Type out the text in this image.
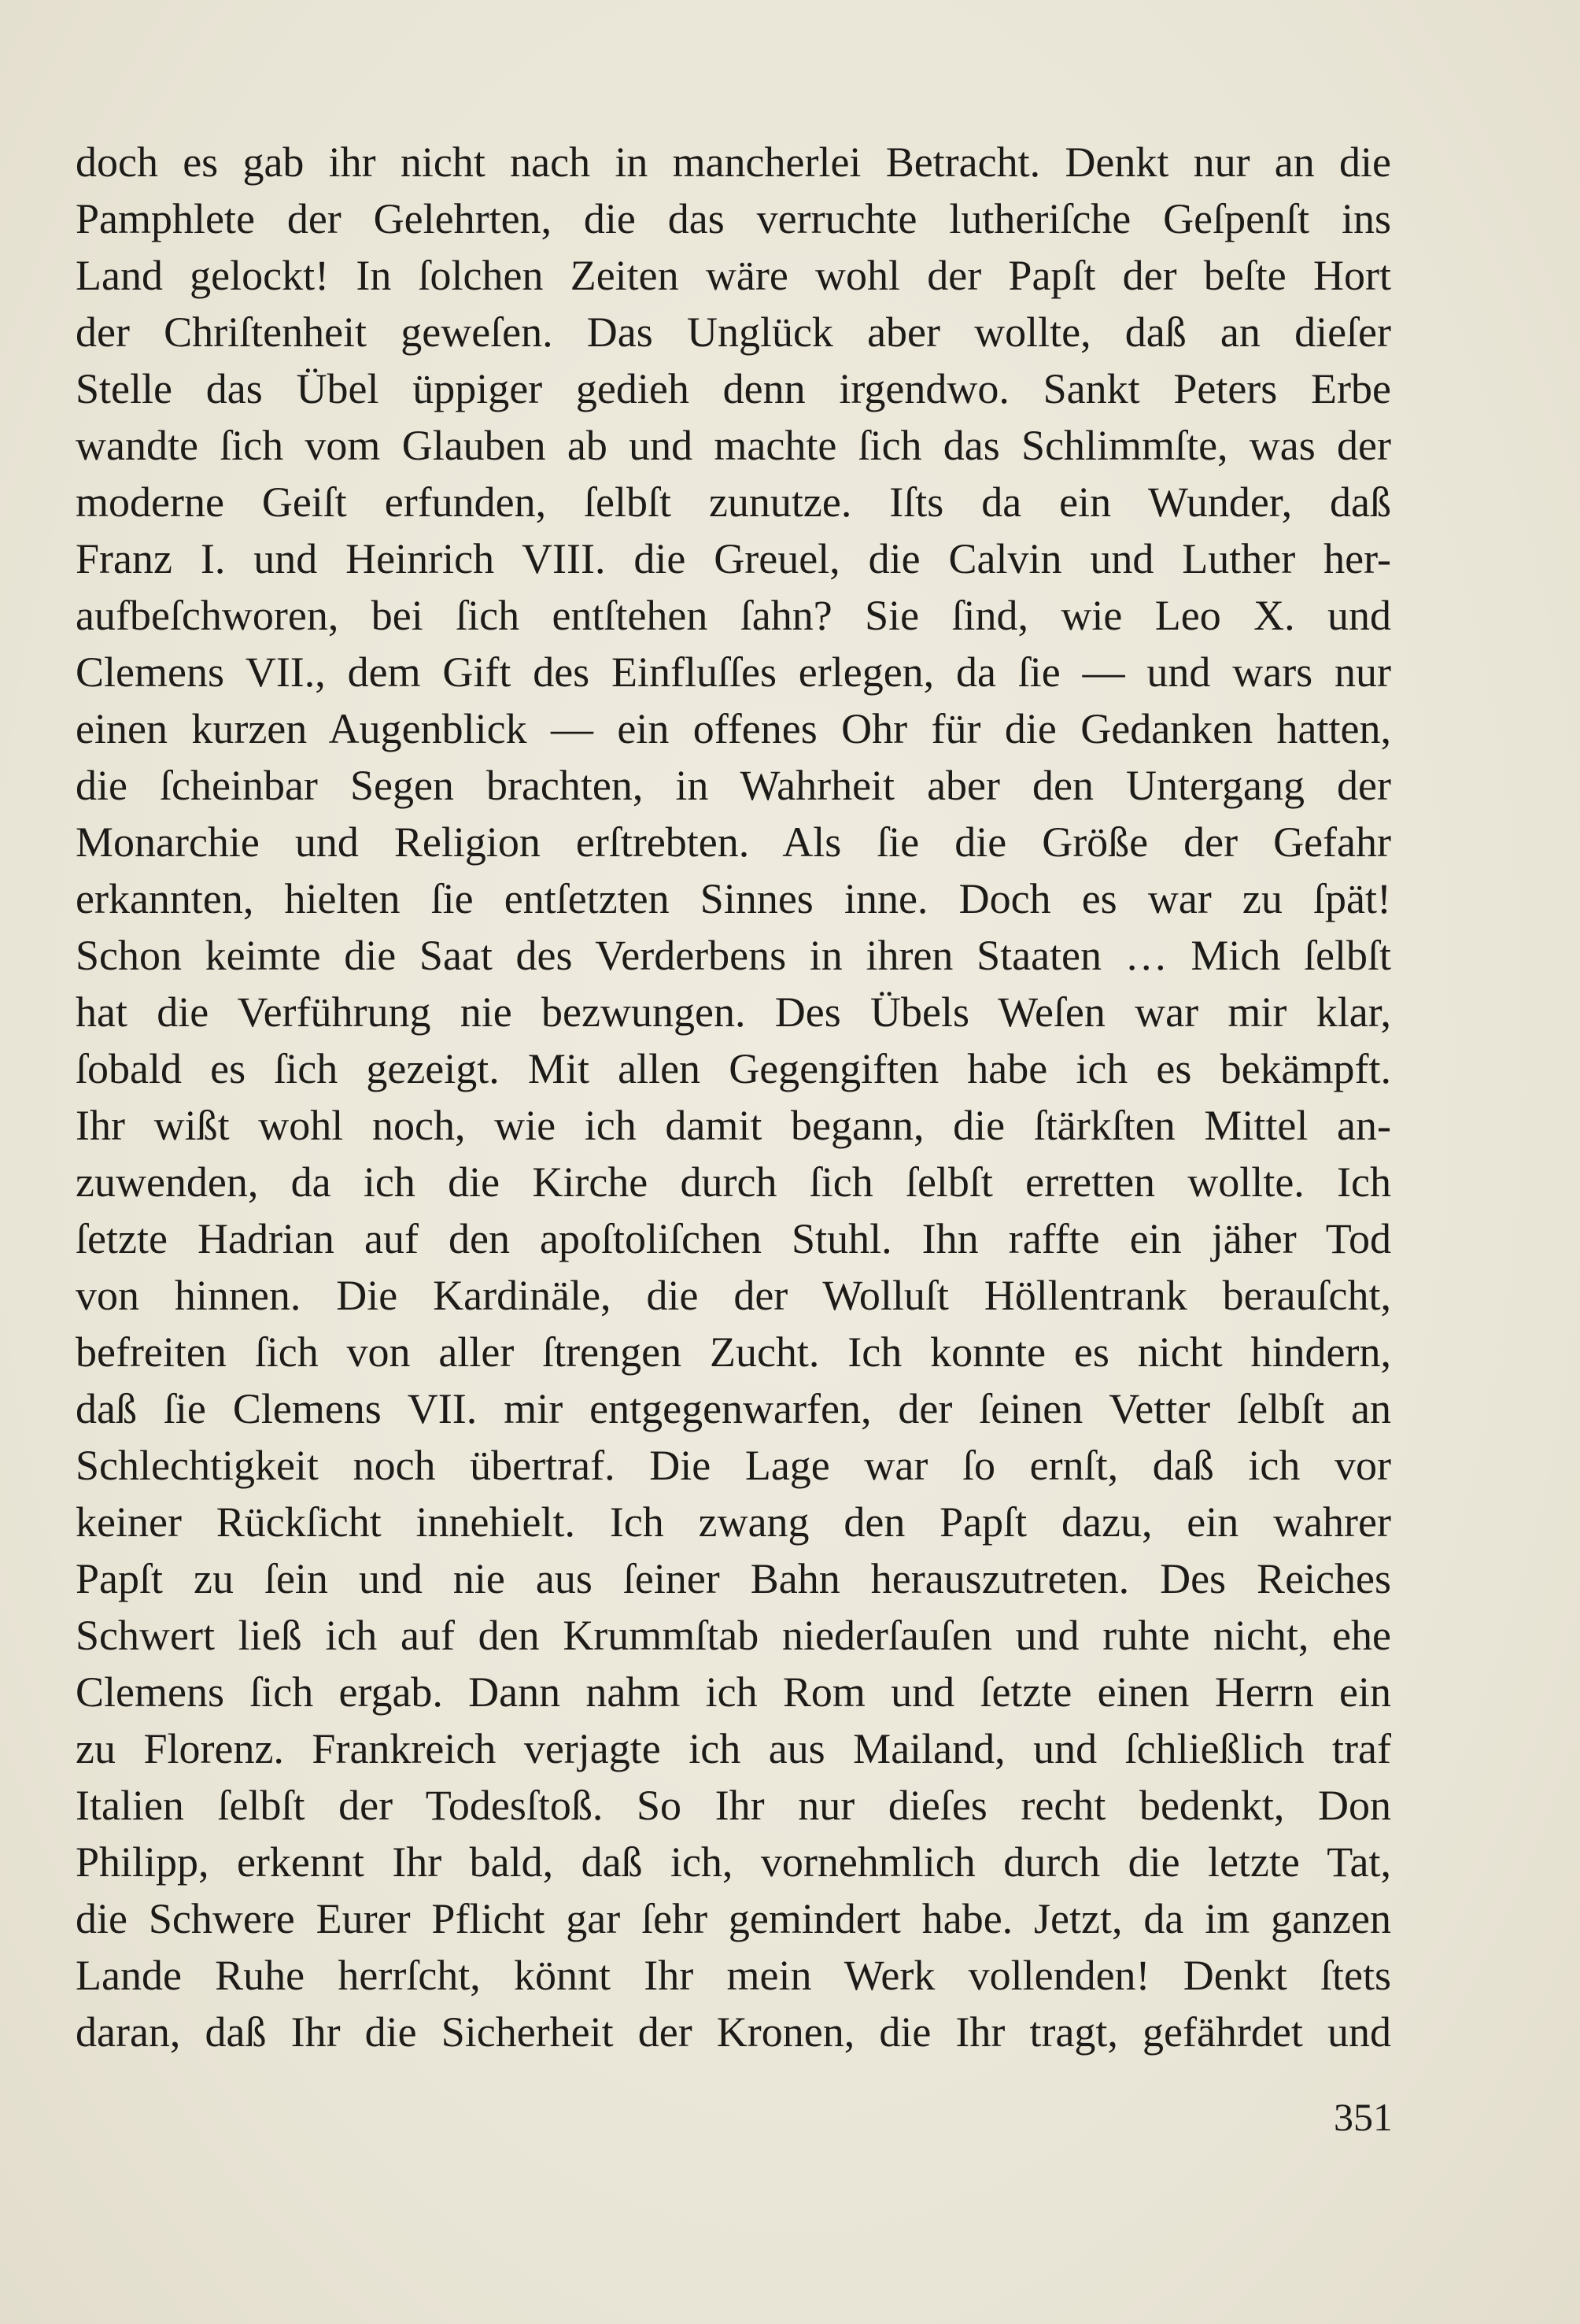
doch es gab ihr nicht nach in mancherlei Betracht. Denkt nur an die
Pamphlete der Gelehrten, die das verruchte lutheriſche Geſpenſt ins
Land gelockt! In ſolchen Zeiten wäre wohl der Papſt der beſte Hort
der Chriſtenheit geweſen. Das Unglück aber wollte, daß an dieſer
Stelle das Übel üppiger gedieh denn irgendwo. Sankt Peters Erbe
wandte ſich vom Glauben ab und machte ſich das Schlimmſte, was der
moderne Geiſt erfunden, ſelbſt zunutze. Iſts da ein Wunder, daß
Franz I. und Heinrich VIII. die Greuel, die Calvin und Luther her-
aufbeſchworen, bei ſich entſtehen ſahn? Sie ſind, wie Leo X. und
Clemens VII., dem Gift des Einfluſſes erlegen, da ſie — und wars nur
einen kurzen Augenblick — ein offenes Ohr für die Gedanken hatten,
die ſcheinbar Segen brachten, in Wahrheit aber den Untergang der
Monarchie und Religion erſtrebten. Als ſie die Größe der Gefahr
erkannten, hielten ſie entſetzten Sinnes inne. Doch es war zu ſpät!
Schon keimte die Saat des Verderbens in ihren Staaten … Mich ſelbſt
hat die Verführung nie bezwungen. Des Übels Weſen war mir klar,
ſobald es ſich gezeigt. Mit allen Gegengiften habe ich es bekämpft.
Ihr wißt wohl noch, wie ich damit begann, die ſtärkſten Mittel an-
zuwenden, da ich die Kirche durch ſich ſelbſt erretten wollte. Ich
ſetzte Hadrian auf den apoſtoliſchen Stuhl. Ihn raffte ein jäher Tod
von hinnen. Die Kardinäle, die der Wolluſt Höllentrank berauſcht,
befreiten ſich von aller ſtrengen Zucht. Ich konnte es nicht hindern,
daß ſie Clemens VII. mir entgegenwarfen, der ſeinen Vetter ſelbſt an
Schlechtigkeit noch übertraf. Die Lage war ſo ernſt, daß ich vor
keiner Rückſicht innehielt. Ich zwang den Papſt dazu, ein wahrer
Papſt zu ſein und nie aus ſeiner Bahn herauszutreten. Des Reiches
Schwert ließ ich auf den Krummſtab niederſauſen und ruhte nicht, ehe
Clemens ſich ergab. Dann nahm ich Rom und ſetzte einen Herrn ein
zu Florenz. Frankreich verjagte ich aus Mailand, und ſchließlich traf
Italien ſelbſt der Todesſtoß. So Ihr nur dieſes recht bedenkt, Don
Philipp, erkennt Ihr bald, daß ich, vornehmlich durch die letzte Tat,
die Schwere Eurer Pflicht gar ſehr gemindert habe. Jetzt, da im ganzen
Lande Ruhe herrſcht, könnt Ihr mein Werk vollenden! Denkt ſtets
daran, daß Ihr die Sicherheit der Kronen, die Ihr tragt, gefährdet und
351
